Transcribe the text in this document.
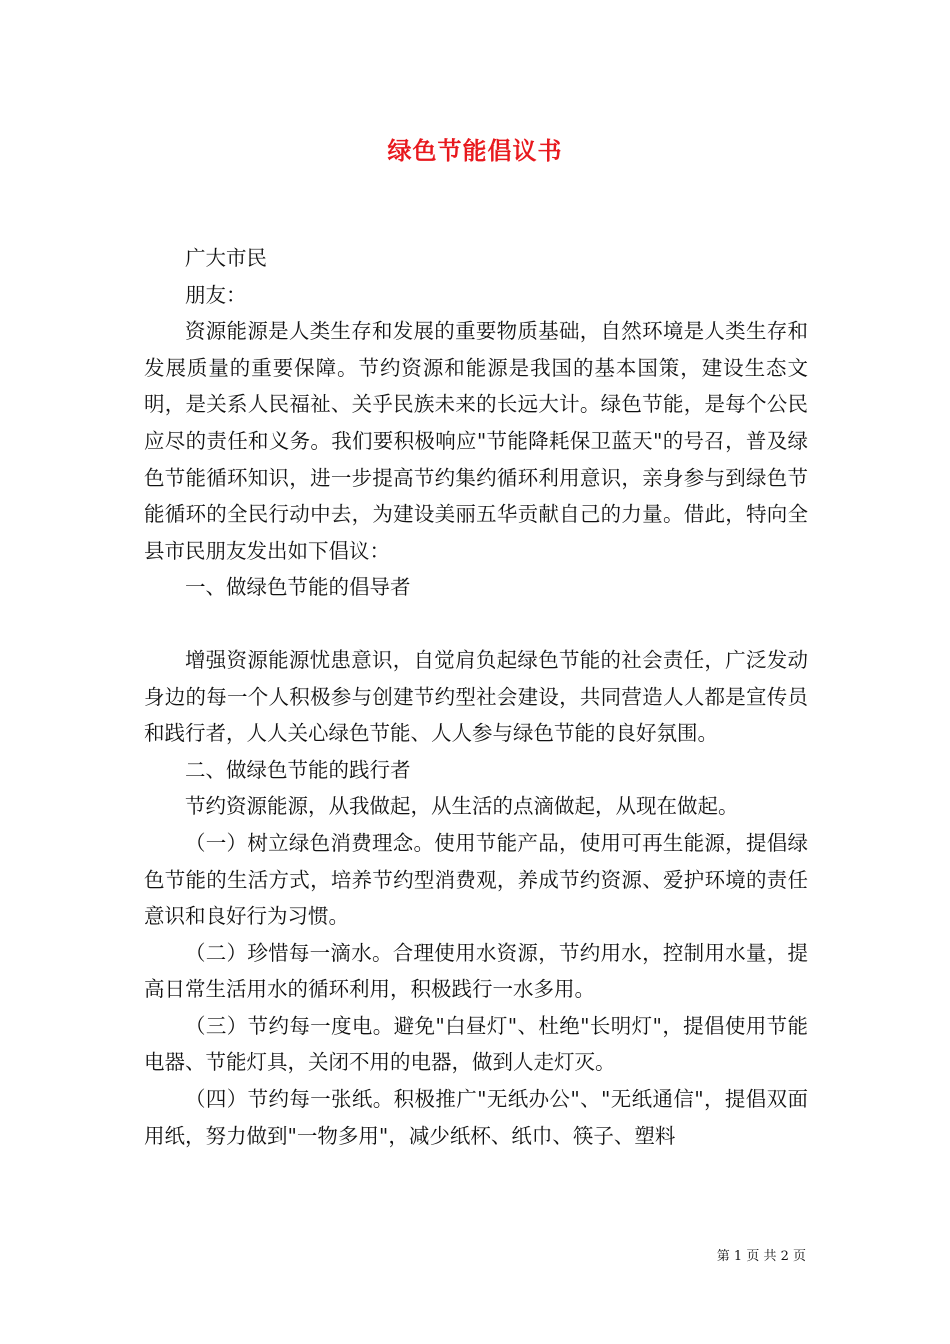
绿色节能倡议书

广大市民

朋友：

资源能源是人类生存和发展的重要物质基础，自然环境是人类生存和发展质量的重要保障。节约资源和能源是我国的基本国策，建设生态文明，是关系人民福祉、关乎民族未来的长远大计。绿色节能，是每个公民应尽的责任和义务。我们要积极响应"节能降耗保卫蓝天"的号召，普及绿色节能循环知识，进一步提高节约集约循环利用意识，亲身参与到绿色节能循环的全民行动中去，为建设美丽五华贡献自己的力量。借此，特向全县市民朋友发出如下倡议：

一、做绿色节能的倡导者

增强资源能源忧患意识，自觉肩负起绿色节能的社会责任，广泛发动身边的每一个人积极参与创建节约型社会建设，共同营造人人都是宣传员和践行者，人人关心绿色节能、人人参与绿色节能的良好氛围。

二、做绿色节能的践行者

节约资源能源，从我做起，从生活的点滴做起，从现在做起。

（一）树立绿色消费理念。使用节能产品，使用可再生能源，提倡绿色节能的生活方式，培养节约型消费观，养成节约资源、爱护环境的责任意识和良好行为习惯。

（二）珍惜每一滴水。合理使用水资源，节约用水，控制用水量，提高日常生活用水的循环利用，积极践行一水多用。

（三）节约每一度电。避免"白昼灯"、杜绝"长明灯"，提倡使用节能电器、节能灯具，关闭不用的电器，做到人走灯灭。

（四）节约每一张纸。积极推广"无纸办公"、"无纸通信"，提倡双面用纸，努力做到"一物多用"，减少纸杯、纸巾、筷子、塑料

第 1 页 共 2 页
